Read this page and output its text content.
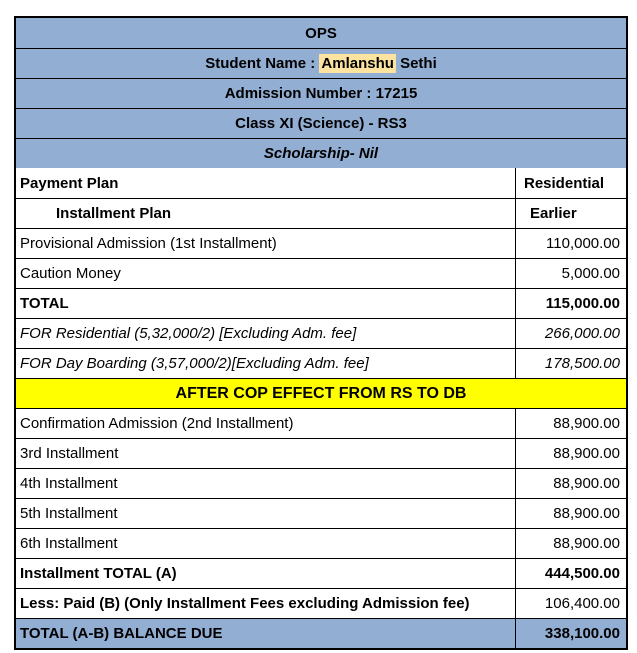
OPS
Student Name : Amlanshu Sethi
Admission Number : 17215
Class XI (Science) - RS3
Scholarship- Nil
Payment Plan	Residential
Installment Plan	Earlier
Provisional Admission (1st Installment)	110,000.00
Caution Money	5,000.00
TOTAL	115,000.00
FOR Residential (5,32,000/2) [Excluding Adm. fee]	266,000.00
FOR Day Boarding (3,57,000/2)[Excluding Adm. fee]	178,500.00
AFTER COP EFFECT FROM RS TO DB
Confirmation Admission (2nd Installment)	88,900.00
3rd Installment	88,900.00
4th Installment	88,900.00
5th Installment	88,900.00
6th Installment	88,900.00
Installment TOTAL (A)	444,500.00
Less: Paid (B) (Only Installment Fees excluding Admission fee)	106,400.00
TOTAL (A-B) BALANCE DUE	338,100.00
